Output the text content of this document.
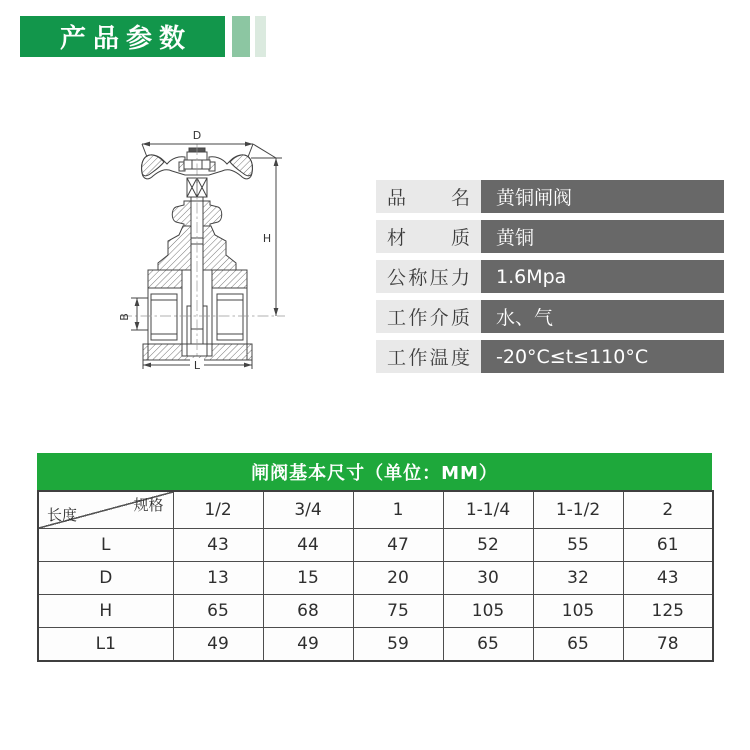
产品参数
D
H
B
L
品 名	黄铜闸阀
材 质	黄铜
公 称 压 力	1.6Mpa
工 作 介 质	水、气
工 作 温 度	-20°C≤t≤110°C
闸阀基本尺寸（单位：MM）
规格
长度	1/2	3/4	1	1-1/4	1-1/2	2
L	43	44	47	52	55	61
D	13	15	20	30	32	43
H	65	68	75	105	105	125
L1	49	49	59	65	65	78
